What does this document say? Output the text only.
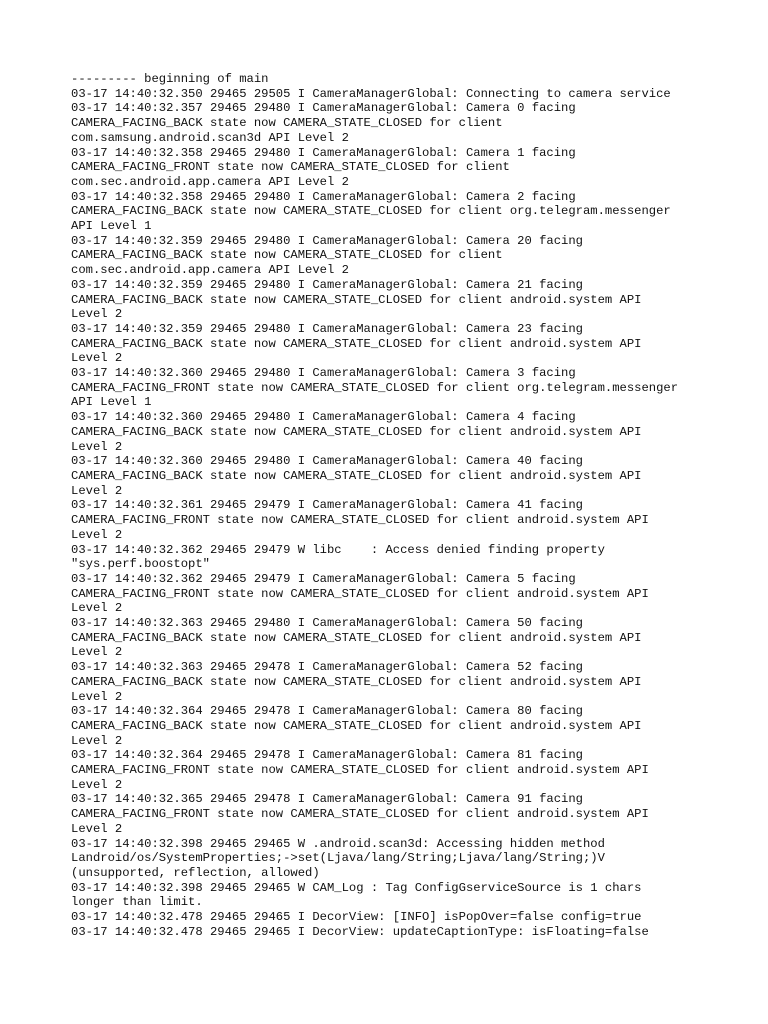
--------- beginning of main
03-17 14:40:32.350 29465 29505 I CameraManagerGlobal: Connecting to camera service
03-17 14:40:32.357 29465 29480 I CameraManagerGlobal: Camera 0 facing
CAMERA_FACING_BACK state now CAMERA_STATE_CLOSED for client
com.samsung.android.scan3d API Level 2
03-17 14:40:32.358 29465 29480 I CameraManagerGlobal: Camera 1 facing
CAMERA_FACING_FRONT state now CAMERA_STATE_CLOSED for client
com.sec.android.app.camera API Level 2
03-17 14:40:32.358 29465 29480 I CameraManagerGlobal: Camera 2 facing
CAMERA_FACING_BACK state now CAMERA_STATE_CLOSED for client org.telegram.messenger
API Level 1
03-17 14:40:32.359 29465 29480 I CameraManagerGlobal: Camera 20 facing
CAMERA_FACING_BACK state now CAMERA_STATE_CLOSED for client
com.sec.android.app.camera API Level 2
03-17 14:40:32.359 29465 29480 I CameraManagerGlobal: Camera 21 facing
CAMERA_FACING_BACK state now CAMERA_STATE_CLOSED for client android.system API
Level 2
03-17 14:40:32.359 29465 29480 I CameraManagerGlobal: Camera 23 facing
CAMERA_FACING_BACK state now CAMERA_STATE_CLOSED for client android.system API
Level 2
03-17 14:40:32.360 29465 29480 I CameraManagerGlobal: Camera 3 facing
CAMERA_FACING_FRONT state now CAMERA_STATE_CLOSED for client org.telegram.messenger
API Level 1
03-17 14:40:32.360 29465 29480 I CameraManagerGlobal: Camera 4 facing
CAMERA_FACING_BACK state now CAMERA_STATE_CLOSED for client android.system API
Level 2
03-17 14:40:32.360 29465 29480 I CameraManagerGlobal: Camera 40 facing
CAMERA_FACING_BACK state now CAMERA_STATE_CLOSED for client android.system API
Level 2
03-17 14:40:32.361 29465 29479 I CameraManagerGlobal: Camera 41 facing
CAMERA_FACING_FRONT state now CAMERA_STATE_CLOSED for client android.system API
Level 2
03-17 14:40:32.362 29465 29479 W libc    : Access denied finding property
"sys.perf.boostopt"
03-17 14:40:32.362 29465 29479 I CameraManagerGlobal: Camera 5 facing
CAMERA_FACING_FRONT state now CAMERA_STATE_CLOSED for client android.system API
Level 2
03-17 14:40:32.363 29465 29480 I CameraManagerGlobal: Camera 50 facing
CAMERA_FACING_BACK state now CAMERA_STATE_CLOSED for client android.system API
Level 2
03-17 14:40:32.363 29465 29478 I CameraManagerGlobal: Camera 52 facing
CAMERA_FACING_BACK state now CAMERA_STATE_CLOSED for client android.system API
Level 2
03-17 14:40:32.364 29465 29478 I CameraManagerGlobal: Camera 80 facing
CAMERA_FACING_BACK state now CAMERA_STATE_CLOSED for client android.system API
Level 2
03-17 14:40:32.364 29465 29478 I CameraManagerGlobal: Camera 81 facing
CAMERA_FACING_FRONT state now CAMERA_STATE_CLOSED for client android.system API
Level 2
03-17 14:40:32.365 29465 29478 I CameraManagerGlobal: Camera 91 facing
CAMERA_FACING_FRONT state now CAMERA_STATE_CLOSED for client android.system API
Level 2
03-17 14:40:32.398 29465 29465 W .android.scan3d: Accessing hidden method
Landroid/os/SystemProperties;->set(Ljava/lang/String;Ljava/lang/String;)V
(unsupported, reflection, allowed)
03-17 14:40:32.398 29465 29465 W CAM_Log : Tag ConfigGserviceSource is 1 chars
longer than limit.
03-17 14:40:32.478 29465 29465 I DecorView: [INFO] isPopOver=false config=true
03-17 14:40:32.478 29465 29465 I DecorView: updateCaptionType: isFloating=false
